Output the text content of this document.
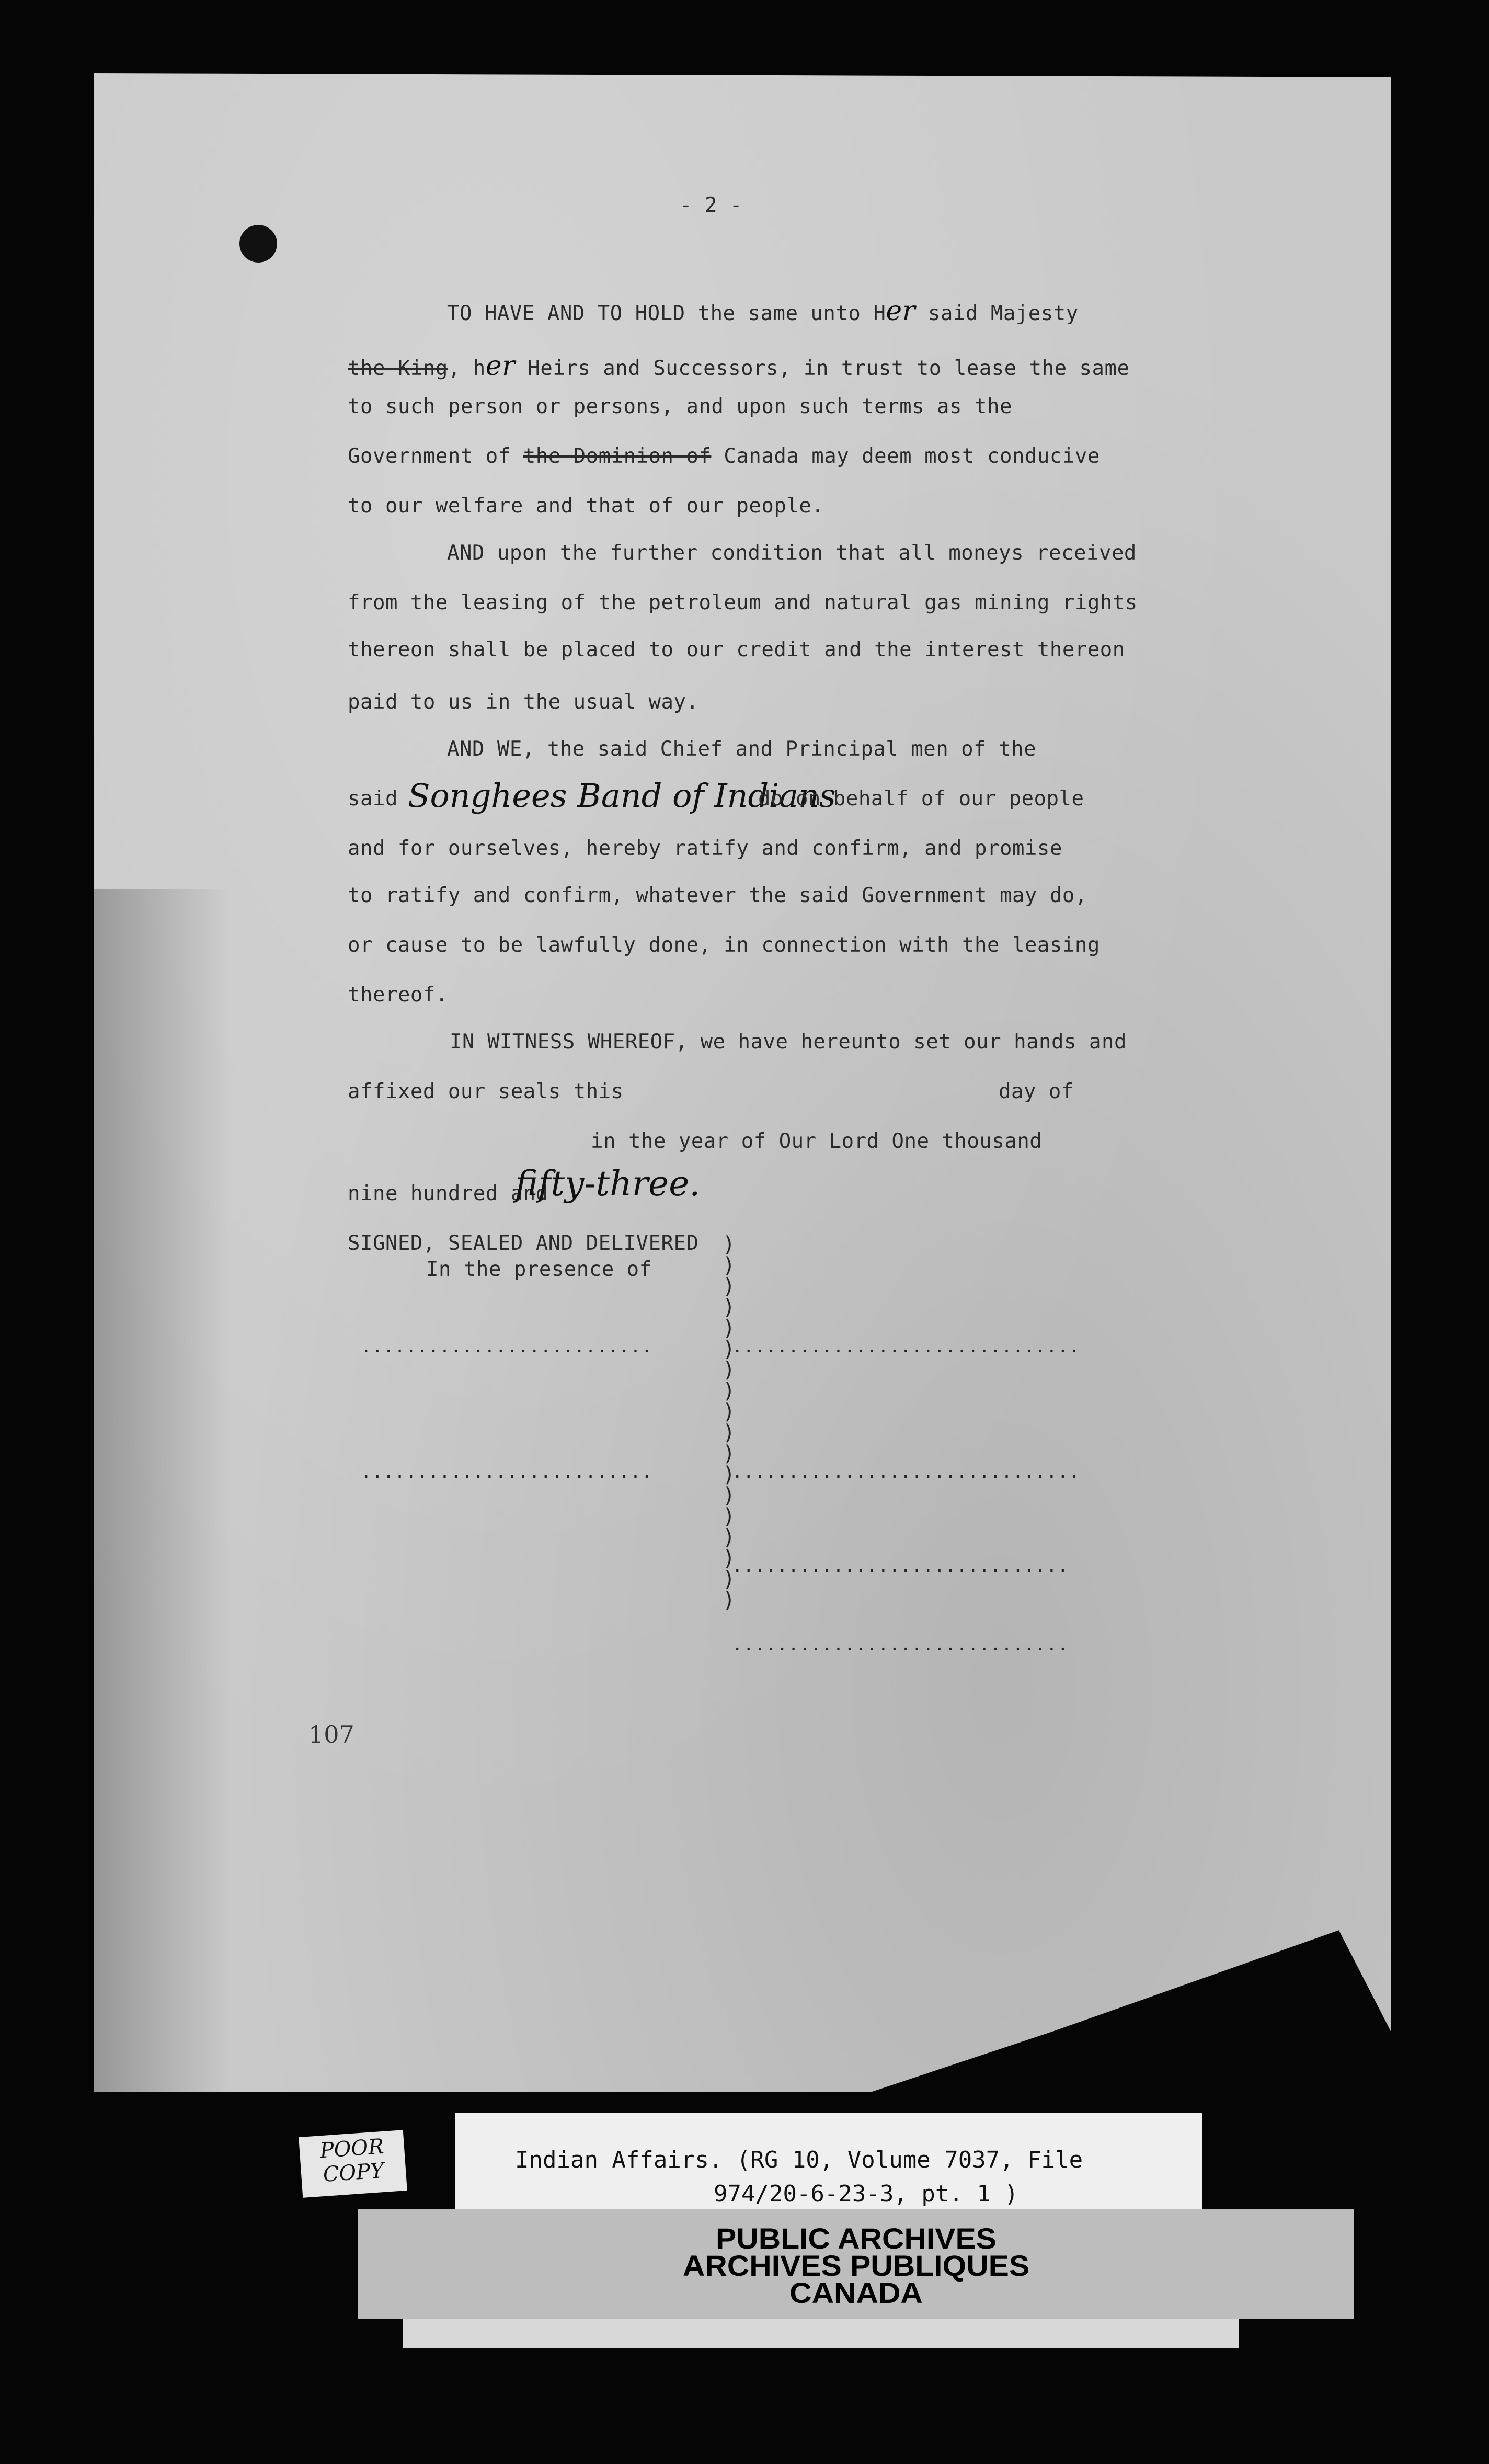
- 2 -
TO HAVE AND TO HOLD the same unto Her said Majesty
the King, her Heirs and Successors, in trust to lease the same
to such person or persons, and upon such terms as the
Government of the Dominion of Canada may deem most conducive
to our welfare and that of our people.
AND upon the further condition that all moneys received
from the leasing of the petroleum and natural gas mining rights
thereon shall be placed to our credit and the interest thereon
paid to us in the usual way.
AND WE, the said Chief and Principal men of the
said Songhees Band of Indians
do on behalf of our people
and for ourselves, hereby ratify and confirm, and promise
to ratify and confirm, whatever the said Government may do,
or cause to be lawfully done, in connection with the leasing
thereof.
IN WITNESS WHEREOF, we have hereunto set our hands and
affixed our seals this	day of
in the year of Our Lord One thousand
nine hundred and
fifty-three.
SIGNED, SEALED AND DELIVERED
In the presence of
)
)
)
)
)
)
)
)
)
)
)
)
)
)
)
)
)
)
..........................	...............................
..........................	...............................
..............................
..............................
107
POOR COPY	Indian Affairs. (RG 10, Volume 7037, File
974/20-6-23-3, pt. 1 )
PUBLIC ARCHIVES
ARCHIVES PUBLIQUES
CANADA
